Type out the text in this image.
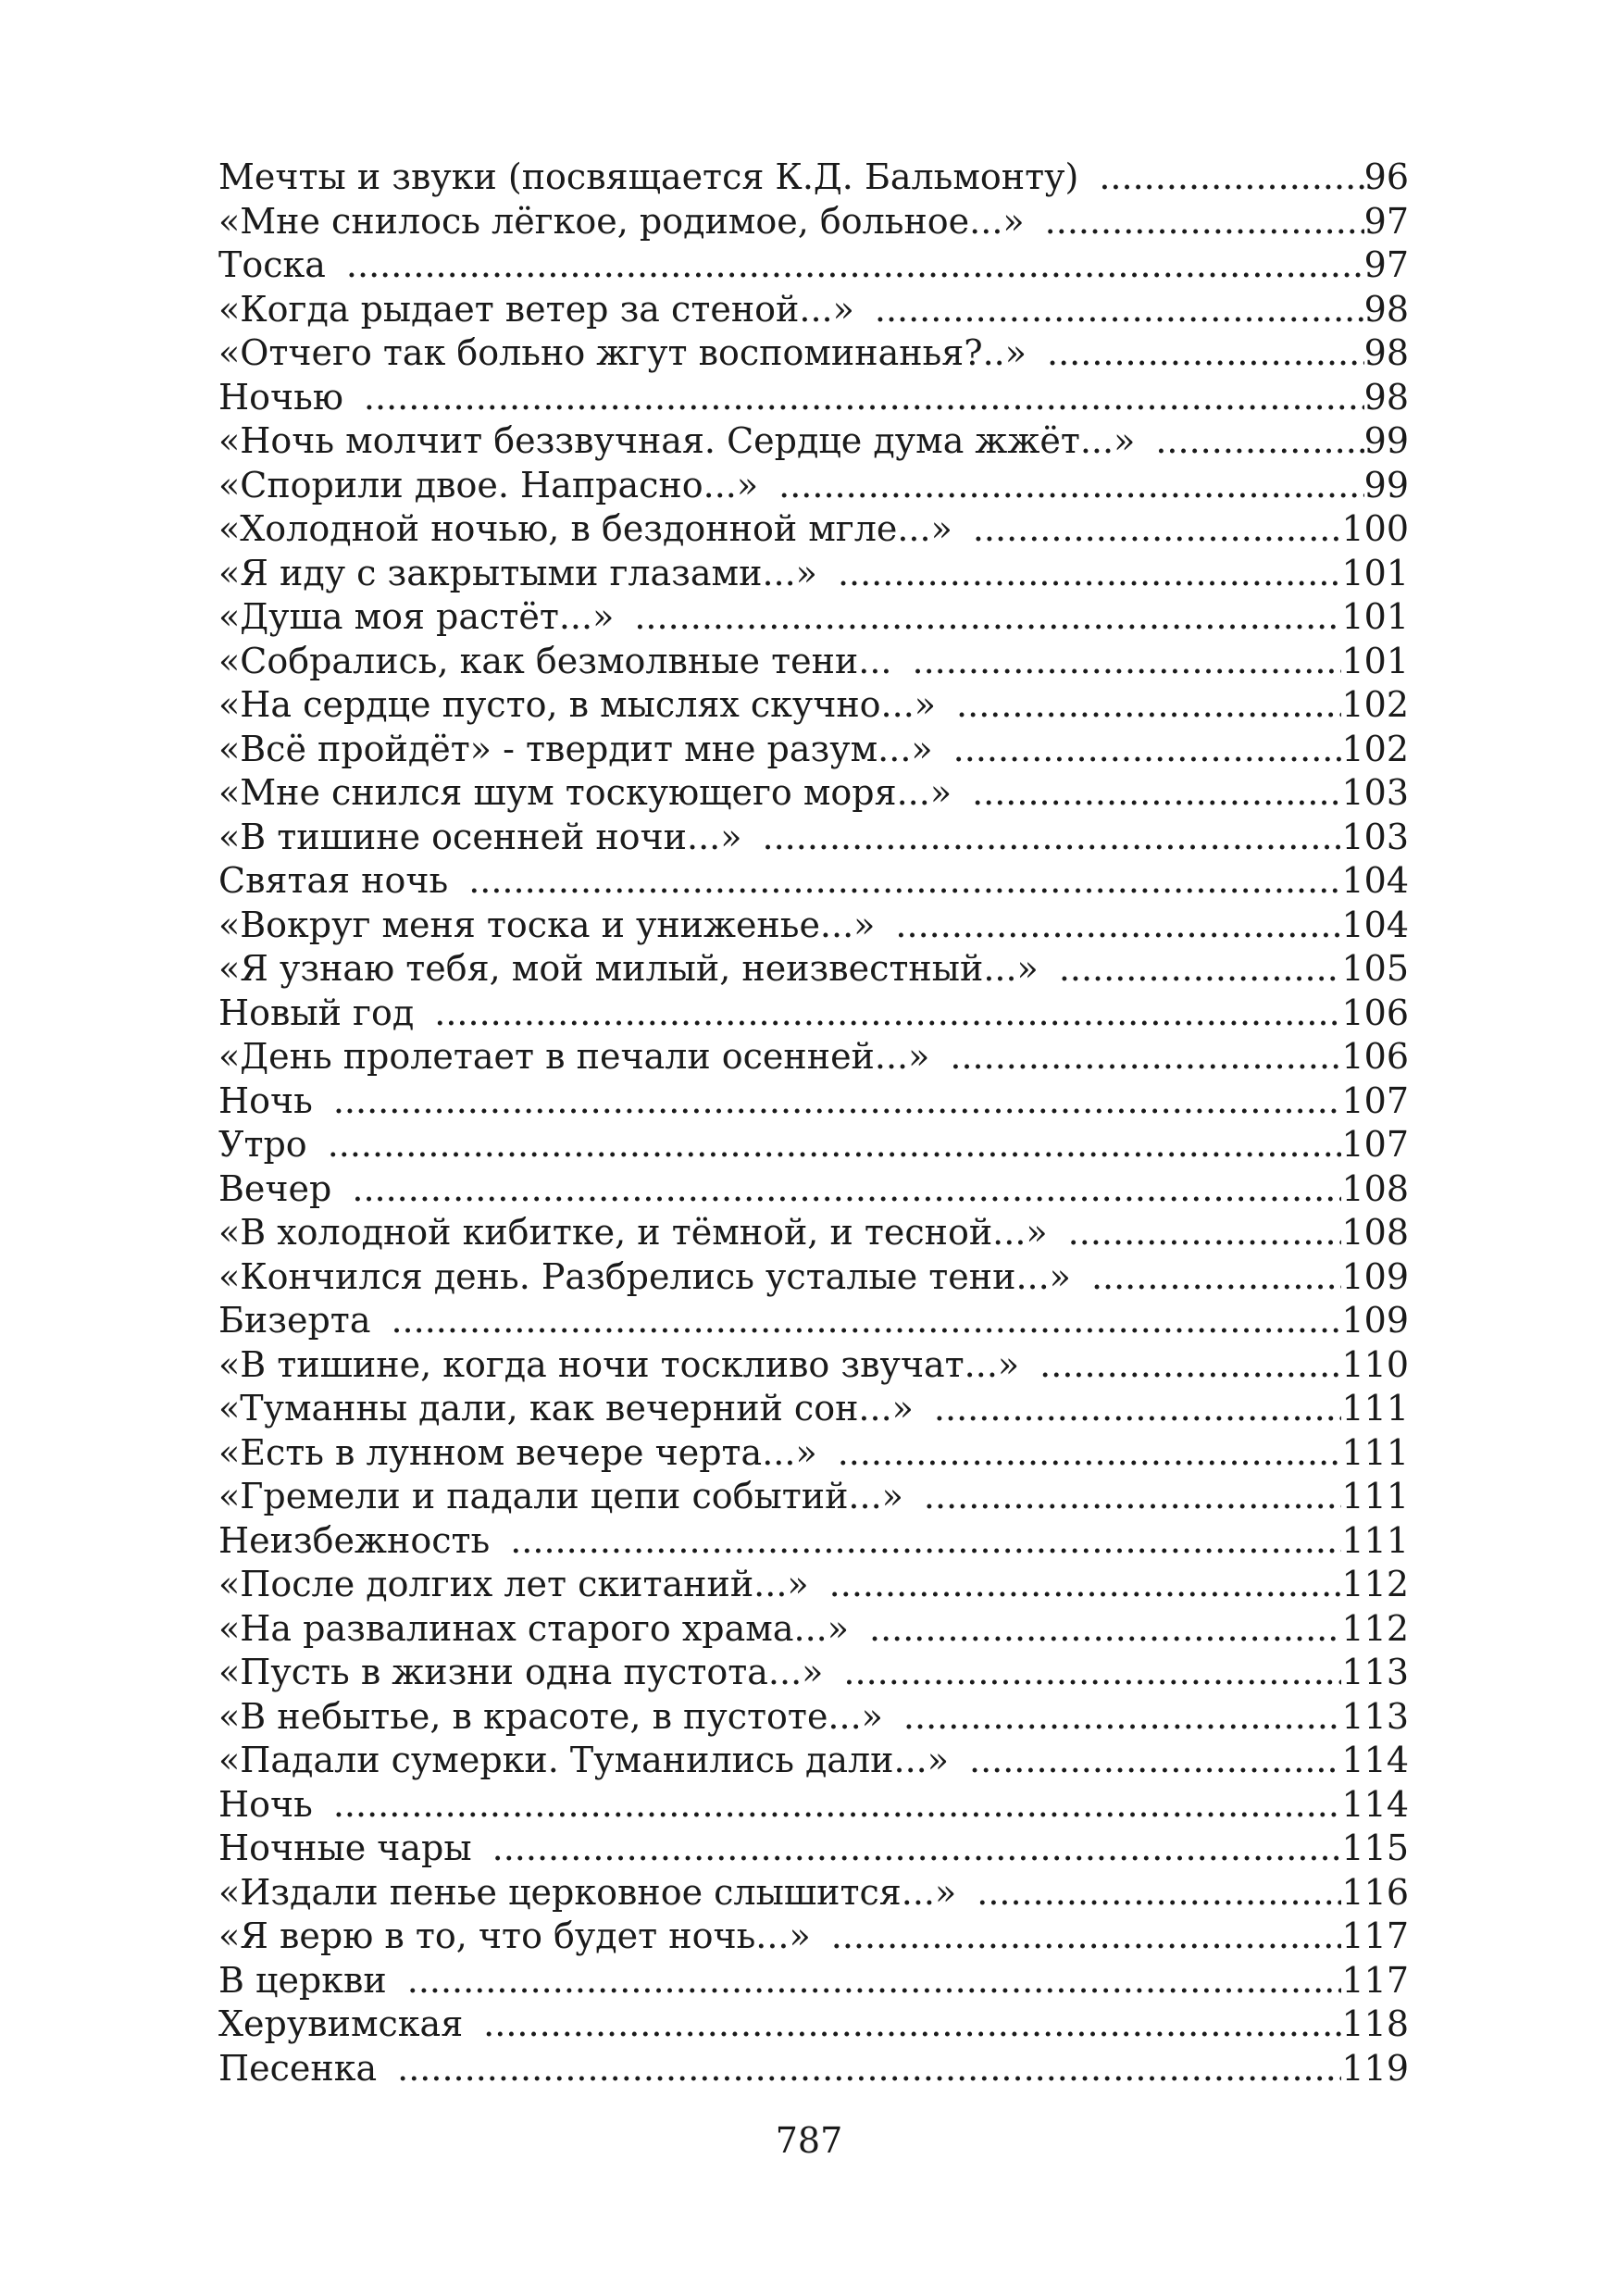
Мечты и звуки (посвящается К.Д. Бальмонту) .....	96
«Мне снилось лёгкое, родимое, больное...» .....	97
Тоска .....	97
«Когда рыдает ветер за стеной...» .....	98
«Отчего так больно жгут воспоминанья?..» .....	98
Ночью .....	98
«Ночь молчит беззвучная. Сердце дума жжёт...» .....	99
«Спорили двое. Напрасно...» .....	99
«Холодной ночью, в бездонной мгле...» .....	100
«Я иду с закрытыми глазами...» .....	101
«Душа моя растёт...» .....	101
«Собрались, как безмолвные тени... .....	101
«На сердце пусто, в мыслях скучно...» .....	102
«Всё пройдёт» - твердит мне разум...» .....	102
«Мне снился шум тоскующего моря...» .....	103
«В тишине осенней ночи...» .....	103
Святая ночь .....	104
«Вокруг меня тоска и униженье...» .....	104
«Я узнаю тебя, мой милый, неизвестный...» .....	105
Новый год .....	106
«День пролетает в печали осенней...» .....	106
Ночь .....	107
Утро .....	107
Вечер .....	108
«В холодной кибитке, и тёмной, и тесной...» .....	108
«Кончился день. Разбрелись усталые тени...» .....	109
Бизерта .....	109
«В тишине, когда ночи тоскливо звучат...» .....	110
«Туманны дали, как вечерний сон...» .....	111
«Есть в лунном вечере черта...» .....	111
«Гремели и падали цепи событий...» .....	111
Неизбежность .....	111
«После долгих лет скитаний...» .....	112
«На развалинах старого храма...» .....	112
«Пусть в жизни одна пустота...» .....	113
«В небытье, в красоте, в пустоте...» .....	113
«Падали сумерки. Туманились дали...» .....	114
Ночь .....	114
Ночные чары .....	115
«Издали пенье церковное слышится...» .....	116
«Я верю в то, что будет ночь...» .....	117
В церкви .....	117
Херувимская .....	118
Песенка .....	119
787
